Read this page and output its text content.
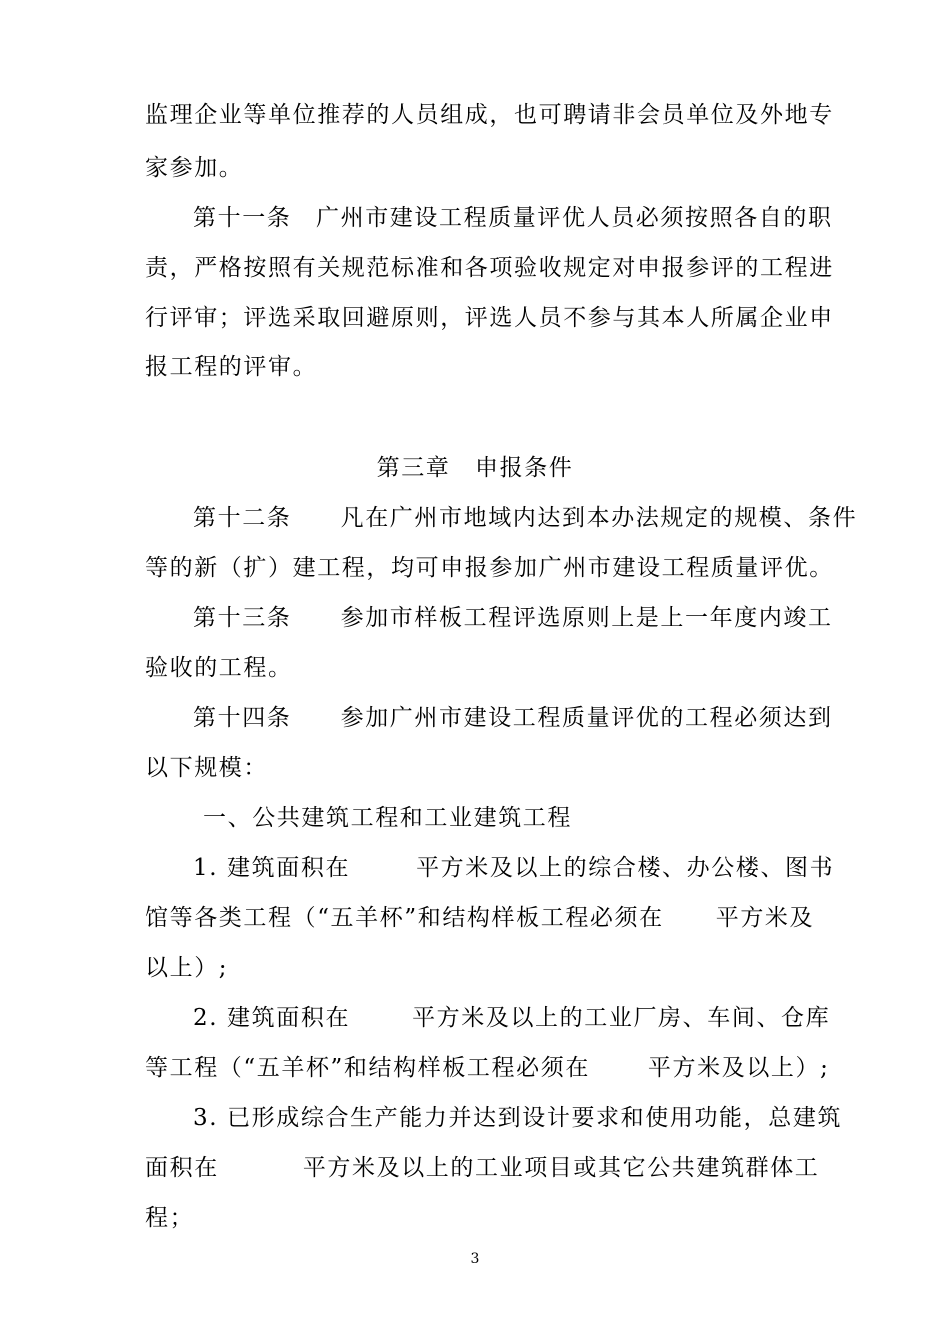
监理企业等单位推荐的人员组成，也可聘请非会员单位及外地专
家参加。
第十一条　广州市建设工程质量评优人员必须按照各自的职
责，严格按照有关规范标准和各项验收规定对申报参评的工程进
行评审；评选采取回避原则，评选人员不参与其本人所属企业申
报工程的评审。
第三章　申报条件
第十二条　　凡在广州市地域内达到本办法规定的规模、条件
等的新（扩）建工程，均可申报参加广州市建设工程质量评优。
第十三条　　参加市样板工程评选原则上是上一年度内竣工
验收的工程。
第十四条　　参加广州市建设工程质量评优的工程必须达到
以下规模：
一、公共建筑工程和工业建筑工程
1. 建筑面积在	平方米及以上的综合楼、办公楼、图书
馆等各类工程（“五羊杯”和结构样板工程必须在 平方米及
以上）;
2. 建筑面积在	平方米及以上的工业厂房、车间、仓库
等工程（“五羊杯”和结构样板工程必须在	平方米及以上）;
3. 已形成综合生产能力并达到设计要求和使用功能，总建筑
面积在	平方米及以上的工业项目或其它公共建筑群体工
程；
3
